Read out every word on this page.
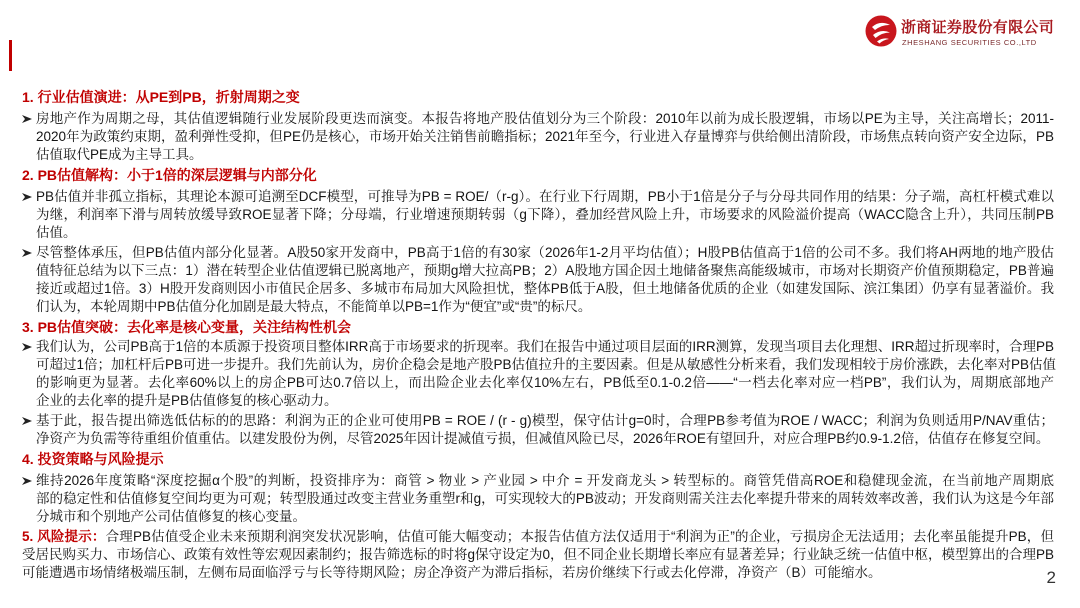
浙商证券股份有限公司
ZHESHANG SECURITIES CO.,LTD
1. 行业估值演进：从PE到PB，折射周期之变
房地产作为周期之母，其估值逻辑随行业发展阶段更迭而演变。本报告将地产股估值划分为三个阶段：2010年以前为成长股逻辑，市场以PE为主导，关注高增长；2011-
2020年为政策约束期，盈利弹性受抑，但PE仍是核心，市场开始关注销售前瞻指标；2021年至今，行业进入存量博弈与供给侧出清阶段，市场焦点转向资产安全边际，PB
估值取代PE成为主导工具。
2. PB估值解构：小于1倍的深层逻辑与内部分化
PB估值并非孤立指标，其理论本源可追溯至DCF模型，可推导为PB = ROE/（r-g）。在行业下行周期，PB小于1倍是分子与分母共同作用的结果：分子端，高杠杆模式难以
为继，利润率下滑与周转放缓导致ROE显著下降；分母端，行业增速预期转弱（g下降），叠加经营风险上升，市场要求的风险溢价提高（WACC隐含上升），共同压制PB
估值。
尽管整体承压，但PB估值内部分化显著。A股50家开发商中，PB高于1倍的有30家（2026年1-2月平均估值）；H股PB估值高于1倍的公司不多。我们将AH两地的地产股估
值特征总结为以下三点：1）潜在转型企业估值逻辑已脱离地产，预期g增大拉高PB；2）A股地方国企因土地储备聚焦高能级城市，市场对长期资产价值预期稳定，PB普遍
接近或超过1倍。3）H股开发商则因小市值民企居多、多城市布局加大风险担忧，整体PB低于A股，但土地储备优质的企业（如建发国际、滨江集团）仍享有显著溢价。我
们认为，本轮周期中PB估值分化加剧是最大特点，不能简单以PB=1作为“便宜”或“贵”的标尺。
3. PB估值突破：去化率是核心变量，关注结构性机会
我们认为，公司PB高于1倍的本质源于投资项目整体IRR高于市场要求的折现率。我们在报告中通过项目层面的IRR测算，发现当项目去化理想、IRR超过折现率时，合理PB
可超过1倍；加杠杆后PB可进一步提升。我们先前认为，房价企稳会是地产股PB估值拉升的主要因素。但是从敏感性分析来看，我们发现相较于房价涨跌，去化率对PB估值
的影响更为显著。去化率60%以上的房企PB可达0.7倍以上，而出险企业去化率仅10%左右，PB低至0.1-0.2倍——“一档去化率对应一档PB”，我们认为，周期底部地产
企业的去化率的提升是PB估值修复的核心驱动力。
基于此，报告提出筛选低估标的的思路：利润为正的企业可使用PB = ROE / (r - g)模型，保守估计g=0时，合理PB参考值为ROE / WACC；利润为负则适用P/NAV重估；
净资产为负需等待重组价值重估。以建发股份为例，尽管2025年因计提减值亏损，但减值风险已尽，2026年ROE有望回升，对应合理PB约0.9-1.2倍，估值存在修复空间。
4. 投资策略与风险提示
维持2026年度策略“深度挖掘α个股”的判断，投资排序为：商管 > 物业 > 产业园 > 中介 = 开发商龙头 > 转型标的。商管凭借高ROE和稳健现金流，在当前地产周期底
部的稳定性和估值修复空间均更为可观；转型股通过改变主营业务重塑r和g，可实现较大的PB波动；开发商则需关注去化率提升带来的周转效率改善，我们认为这是今年部
分城市和个别地产公司估值修复的核心变量。
5. 风险提示：合理PB估值受企业未来预期利润突发状况影响，估值可能大幅变动；本报告估值方法仅适用于“利润为正”的企业，亏损房企无法适用；去化率虽能提升PB，但
受居民购买力、市场信心、政策有效性等宏观因素制约；报告筛选标的时将g保守设定为0，但不同企业长期增长率应有显著差异；行业缺乏统一估值中枢，模型算出的合理PB
可能遭遇市场情绪极端压制，左侧布局面临浮亏与长等待期风险；房企净资产为滞后指标，若房价继续下行或去化停滞，净资产（B）可能缩水。	2
